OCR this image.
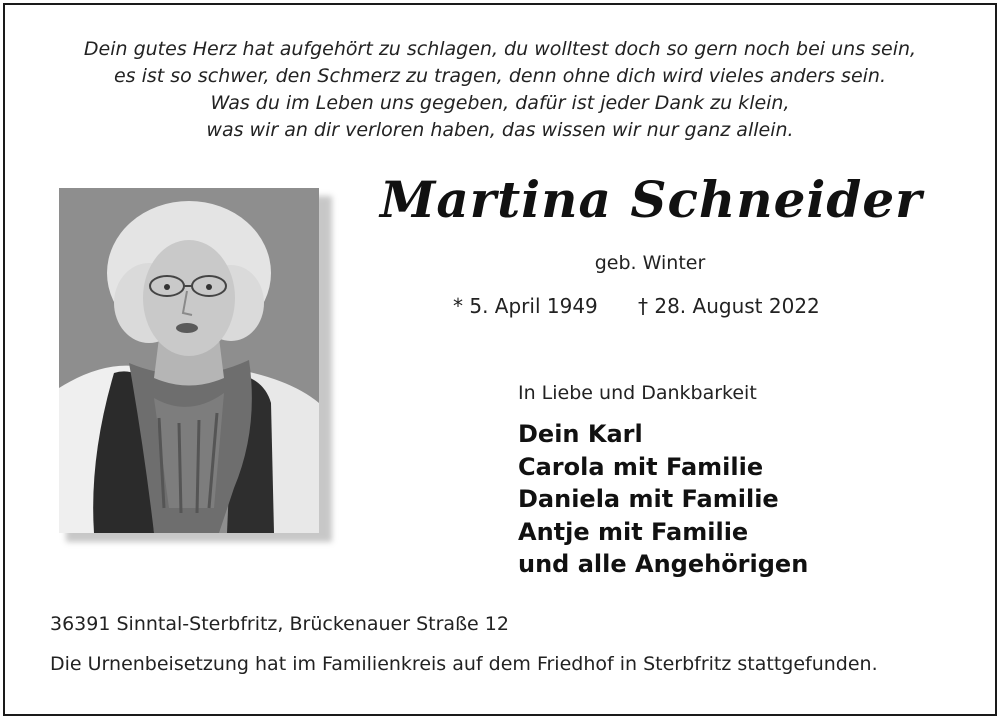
Dein gutes Herz hat aufgehört zu schlagen, du wolltest doch so gern noch bei uns sein,
es ist so schwer, den Schmerz zu tragen, denn ohne dich wird vieles anders sein.
Was du im Leben uns gegeben, dafür ist jeder Dank zu klein,
was wir an dir verloren haben, das wissen wir nur ganz allein.
Martina Schneider
geb. Winter
* 5. April 1949 † 28. August 2022
In Liebe und Dankbarkeit
Dein Karl
Carola mit Familie
Daniela mit Familie
Antje mit Familie
und alle Angehörigen
36391 Sinntal-Sterbfritz, Brückenauer Straße 12
Die Urnenbeisetzung hat im Familienkreis auf dem Friedhof in Sterbfritz stattgefunden.
